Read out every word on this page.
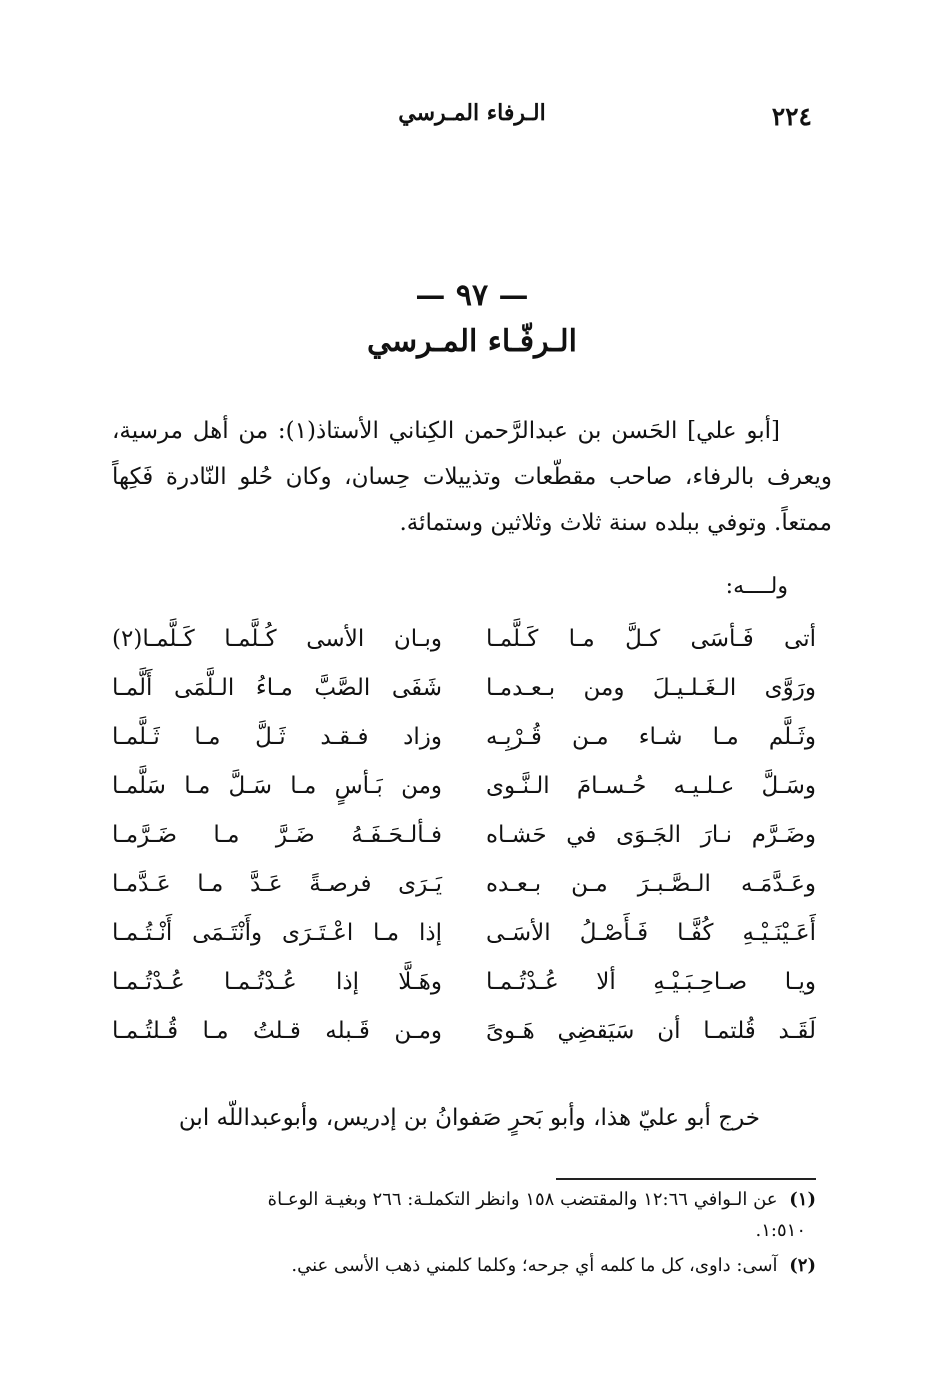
٢٢٤
الـرفاء المـرسي
— ٩٧ —
الـرفّـاء المـرسي

[أبو علي] الحَسن بن عبدالرَّحمن الكِناني الأستاذ(١): من أهل مرسية، ويعرف بالرفاء، صاحب مقطّعات وتذييلات حِسان، وكان حُلو النّادرة فَكِهاً ممتعاً. وتوفي ببلده سنة ثلاث وثلاثين وستمائة.

ولــــه:
أتى فَـأسَى كـلَّ مـا كَـلَّمـا
وبـان الأسى كُـلَّمـا كَـلَّمـا(٢)
ورَوَّى الـغَـلـيـلَ ومن بـعـدمـا
شَفَى الصَّبَّ مـاءُ الـلَّمَى أَلَّمـا
وثَـلَّم مـا شـاء مـن قُـرْبِـه
وزاد فـقـد ثَـلَّ مـا ثَـلَّمـا
وسَـلَّ عـلـيـه حُـسـامَ الـنَّـوى
ومن بَـأسٍ مـا سَـلَّ مـا سَلَّمـا
وضَـرَّم نـارَ الجَـوَى في حَشـاه
فـألـحَـفَـهُ ضَـرَّ مـا ضَـرَّمـا
وعَـدَّمَـه الـصَّـبـرَ مـن بـعـده
يَـرَى فرصـةً عَـدَّ مـا عَـدَّمـا
أَعَـيْنَـيْـهِ كُفَّـا فَـأَصْـلُ الأسَـى
إذا مـا اعْـتَـرَى وأَنْتَـمَى أَنْـتُـمـا
ويـا صـاحِـبَـيْـهِ ألا عُـدْتُـمـا
وهَـلَّا إذا عُـدْتُـمـا عُـدْتُـمـا
لَقَـد قُلتمـا أن سَيَقضِي هَـوىً
ومـن قَـبله قـلتُ مـا قُـلتُـمـا
خرج أبو عليّ هذا، وأبو بَحرٍ صَفوانُ بن إدريس، وأبوعبداللّه ابن

(١) عن الـوافي ١٢:٦٦ والمقتضب ١٥٨ وانظر التكملـة: ٢٦٦ وبغيـة الوعـاة

١:٥١٠.

(٢) آسى: داوى، كل ما كلمه أي جرحه؛ وكلما كلمني ذهب الأسى عني.
